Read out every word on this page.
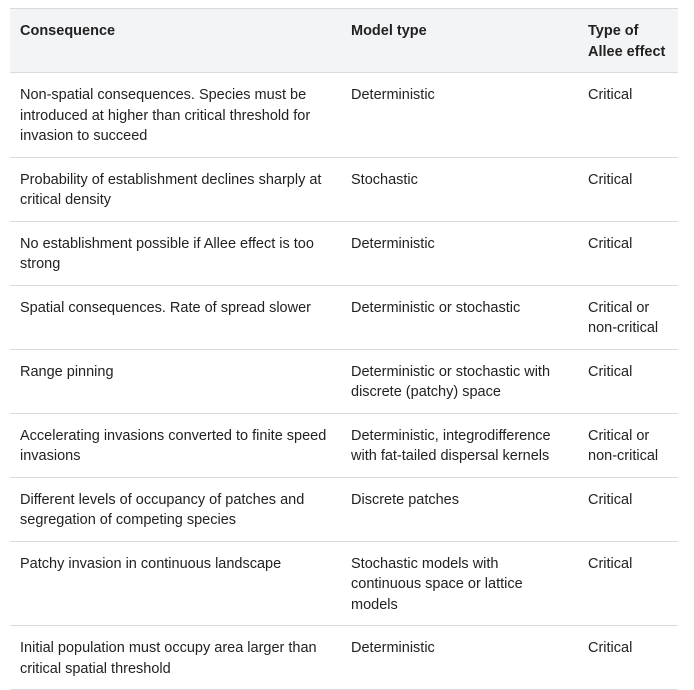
Consequence	Model type	Type of Allee effect
Non-spatial consequences. Species must be introduced at higher than critical threshold for invasion to succeed	Deterministic	Critical
Probability of establishment declines sharply at critical density	Stochastic	Critical
No establishment possible if Allee effect is too strong	Deterministic	Critical
Spatial consequences. Rate of spread slower	Deterministic or stochastic	Critical or non-critical
Range pinning	Deterministic or stochastic with discrete (patchy) space	Critical
Accelerating invasions converted to finite speed invasions	Deterministic, integrodifference with fat-tailed dispersal kernels	Critical or non-critical
Different levels of occupancy of patches and segregation of competing species	Discrete patches	Critical
Patchy invasion in continuous landscape	Stochastic models with continuous space or lattice models	Critical
Initial population must occupy area larger than critical spatial threshold	Deterministic	Critical
